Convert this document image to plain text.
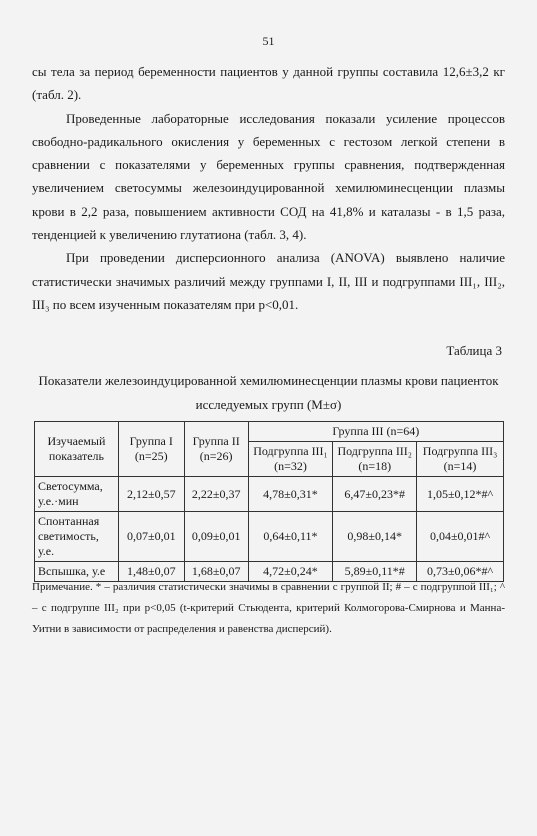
51

сы тела за период беременности пациентов у данной группы составила 12,6±3,2 кг (табл. 2).

Проведенные лабораторные исследования показали усиление процессов свободно-радикального окисления у беременных с гестозом легкой степени в сравнении с показателями у беременных группы сравнения, подтвержденная увеличением светосуммы железоиндуцированной хемилюминесценции плазмы крови в 2,2 раза, повышением активности СОД на 41,8% и каталазы - в 1,5 раза, тенденцией к увеличению глутатиона (табл. 3, 4).

При проведении дисперсионного анализа (ANOVA) выявлено наличие статистически значимых различий между группами I, II, III и подгруппами III₁, III₂, III₃ по всем изученным показателям при p<0,01.

Таблица 3
Показатели железоиндуцированной хемилюминесценции плазмы крови пациенток исследуемых групп (M±σ)
Изучаемый показатель	Группа I (n=25)	Группа II (n=26)	Группа III (n=64)		
			Подгруппа III₁ (n=32)	Подгруппа III₂ (n=18)	Подгруппа III₃ (n=14)
Светосумма, у.е.·мин	2,12±0,57	2,22±0,37	4,78±0,31*	6,47±0,23*#	1,05±0,12*#^
Спонтанная светимость, у.е.	0,07±0,01	0,09±0,01	0,64±0,11*	0,98±0,14*	0,04±0,01#^
Вспышка, у.е	1,48±0,07	1,68±0,07	4,72±0,24*	5,89±0,11*#	0,73±0,06*#^
Примечание. * – различия статистически значимы в сравнении с группой II; # – с подгруппой III₁; ^ – с подгруппе III₂ при p<0,05 (t-критерий Стьюдента, критерий Колмогорова-Смирнова и Манна-Уитни в зависимости от распределения и равенства дисперсий).
